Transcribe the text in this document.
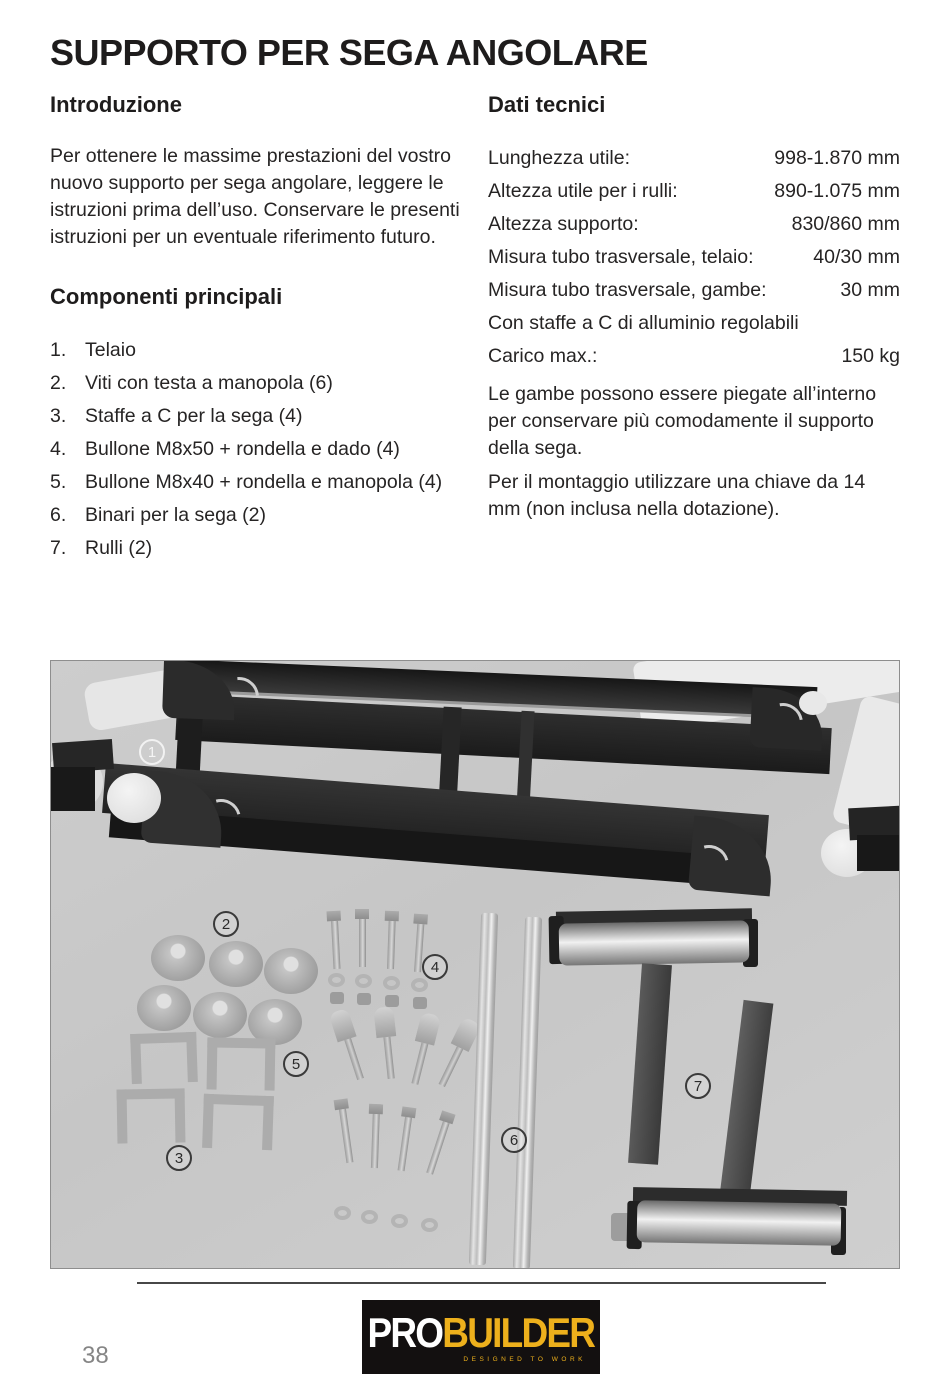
SUPPORTO PER SEGA ANGOLARE
Introduzione

Per ottenere le massime prestazioni del vostro nuovo supporto per sega angolare, leggere le istruzioni prima dell’uso. Conservare le presenti istruzioni per un eventuale riferimento futuro.

Componenti principali
1. Telaio
2. Viti con testa a manopola (6)
3. Staffe a C per la sega (4)
4. Bullone M8x50 + rondella e dado (4)
5. Bullone M8x40 + rondella e manopola (4)
6. Binari per la sega (2)
7. Rulli (2)
Dati tecnici
Lunghezza utile:	998-1.870 mm
Altezza utile per i rulli:	890-1.075 mm
Altezza supporto:	830/860 mm
Misura tubo trasversale, telaio:	40/30 mm
Misura tubo trasversale, gambe:	30 mm
Con staffe a C di alluminio regolabili
Carico max.:	150 kg

Le gambe possono essere piegate all’interno per conservare più comodamente il supporto della sega.

Per il montaggio utilizzare una chiave da 14 mm (non inclusa nella dotazione).

1
2
3
4
5
6
7
PROBUILDER
DESIGNED TO WORK
38
